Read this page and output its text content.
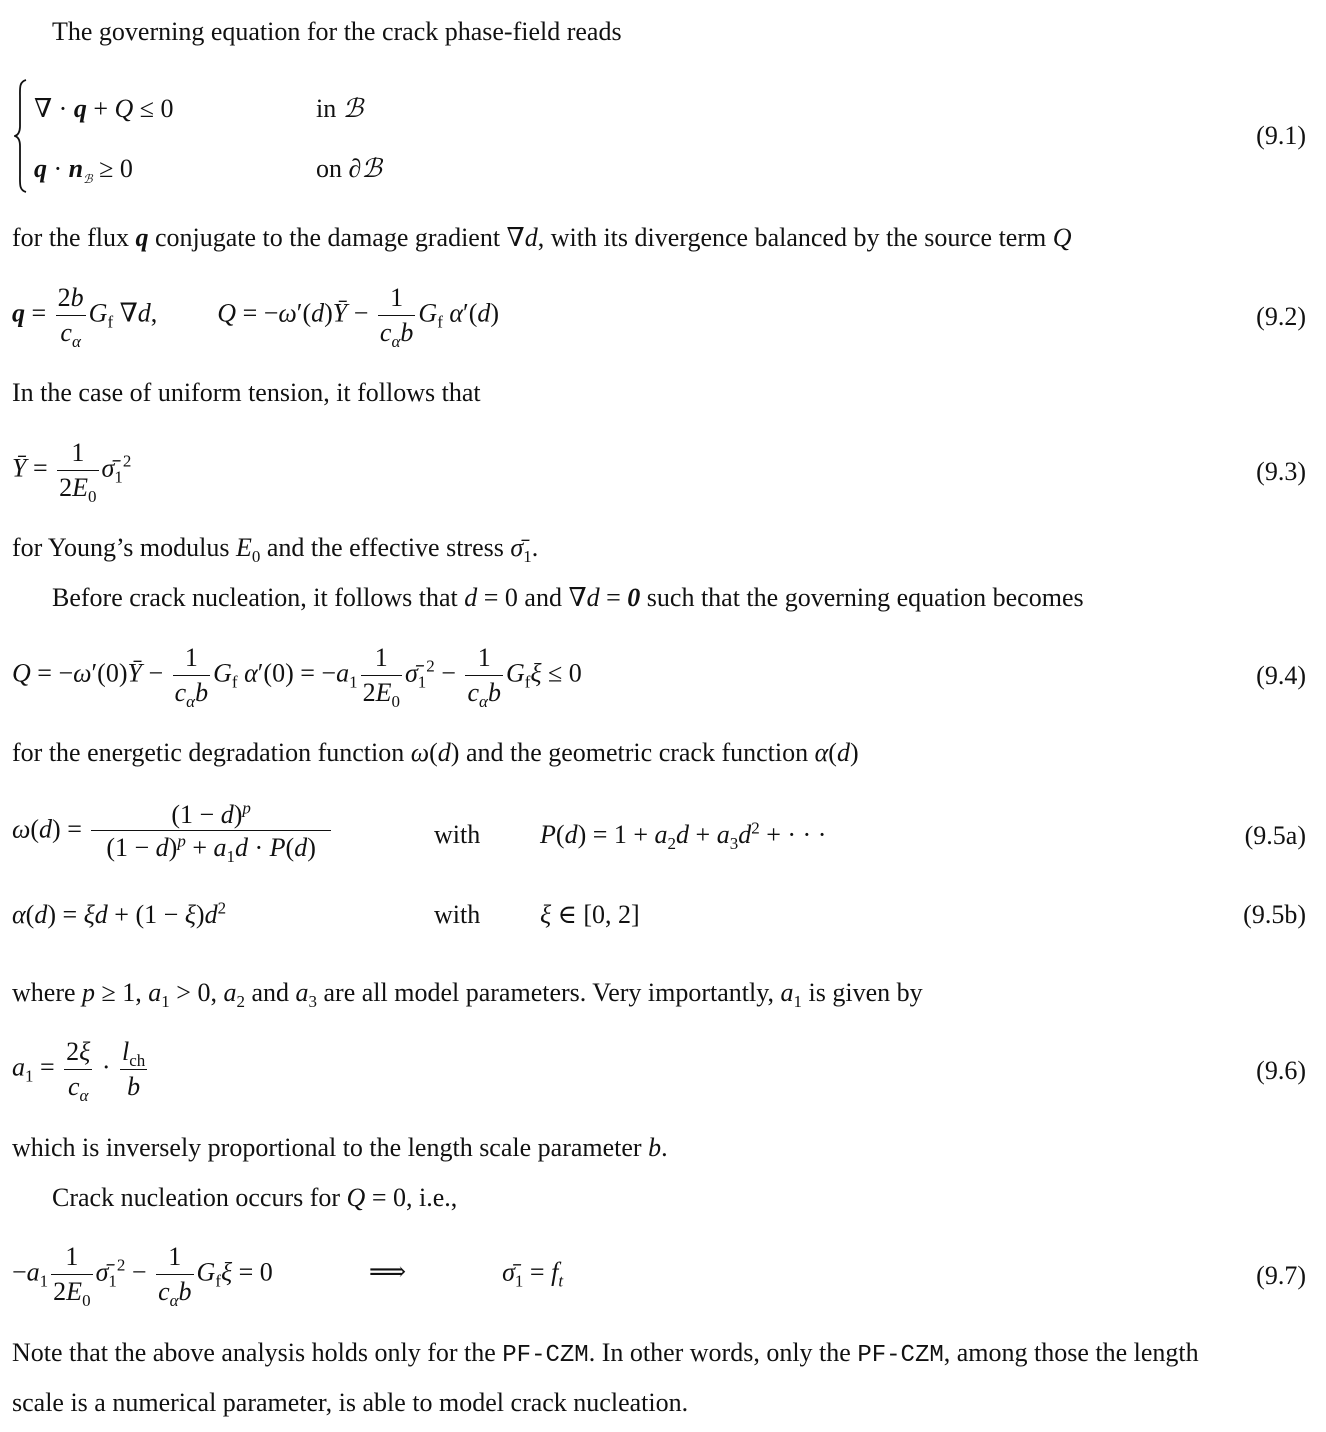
The governing equation for the crack phase-field reads
∇ · q + Q ≤ 0	in ℬ
$q \cdot n_ℬ \ge 0$	on ∂ℬ
(9.1)
for the flux q conjugate to the damage gradient ∇d, with its divergence balanced by the source term Q
$q = \frac{2b}{c_\alpha} G_f$ ∇d, Q = −ω′(d)Ȳ − $\frac{1}{c_\alpha b} G_f$ α′(d)	(9.2)
In the case of uniform tension, it follows that
Ȳ = $\frac{1}{2E_0}$ $\sigmā_1^2$	(9.3)
for Young’s modulus $E_0$ and the effective stress $\sigmā_1$.
Before crack nucleation, it follows that d = 0 and ∇d = 0 such that the governing equation becomes
Q = −ω′(0)Ȳ − $\frac{1}{c_\alpha b} G_f$ $\alpha'(0) = -a_1 \frac{1}{2E_0}$ $\sigmā_1^2 - \frac{1}{c_\alpha b} G_f\xi \le 0$	(9.4)
for the energetic degradation function ω(d) and the geometric crack function α(d)
$\omega(d) = \frac{(1 - d)^p}{(1 - d)^p + a_1d \cdot P(d)}$	with $P(d) = 1 + a_2d + a_3d^2$ + · · ·	(9.5a)
$\alpha(d) = \xi d + (1 - \xi)d^2$	with ξ ∈ [0, 2]	(9.5b)
where p ≥ 1, $a_1 > 0$, $a_2$ and $a_3$ are all model parameters. Very importantly, $a_1$ is given by
$a_1 = \frac{2\xi}{c_\alpha} \cdot \frac{l_{ch}}{b}$	(9.6)
which is inversely proportional to the length scale parameter b.
Crack nucleation occurs for Q = 0, i.e.,
$-a_1 \frac{1}{2E_0}$ $\sigmā_1^2 - \frac{1}{c_\alpha b} G_f\xi = 0$	⟹	$\sigmā_1 = f_t$	(9.7)
Note that the above analysis holds only for the PF-CZM. In other words, only the PF-CZM, among those the length
scale is a numerical parameter, is able to model crack nucleation.
